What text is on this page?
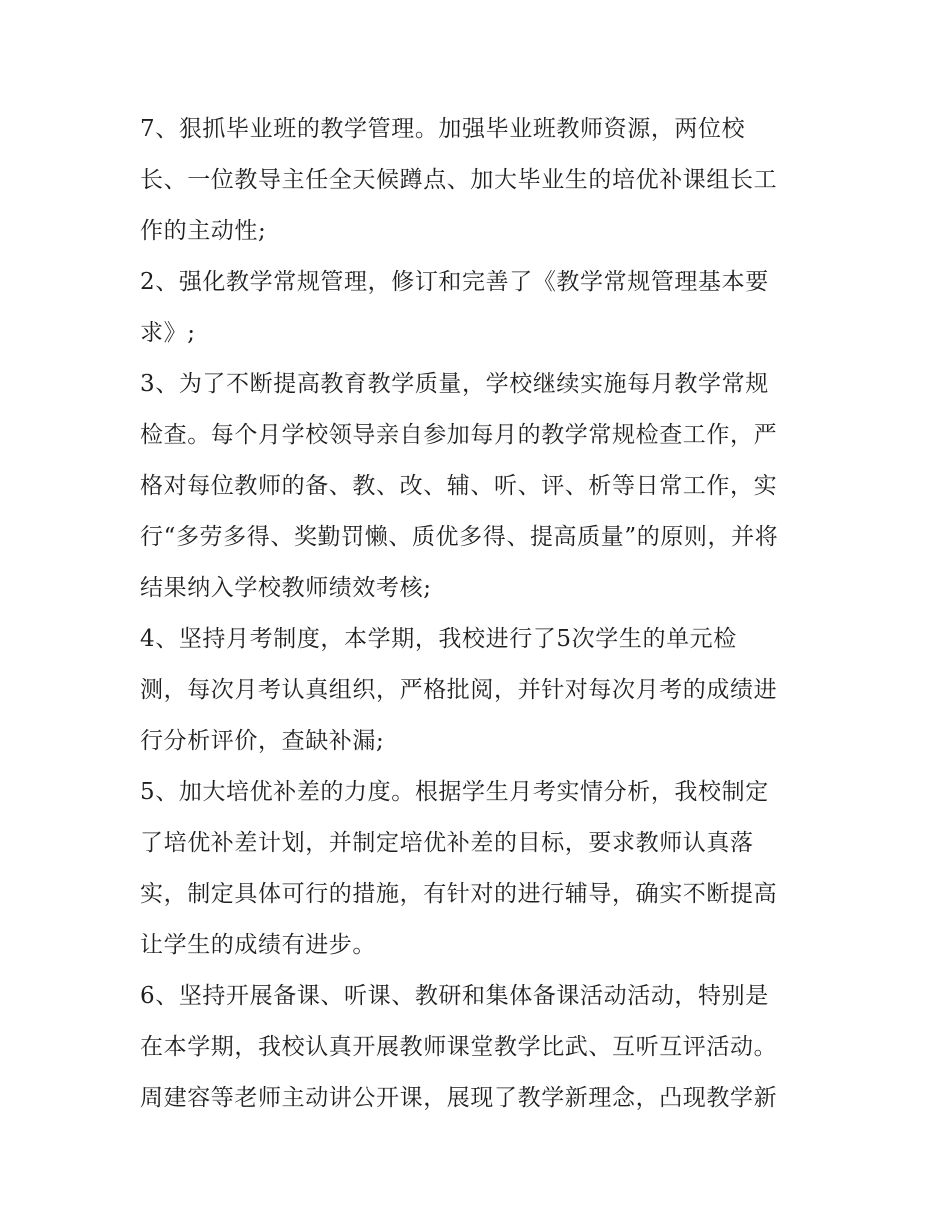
7、狠抓毕业班的教学管理。加强毕业班教师资源，两位校
长、一位教导主任全天候蹲点、加大毕业生的培优补课组长工
作的主动性;
2、强化教学常规管理，修订和完善了《教学常规管理基本要
求》;
3、为了不断提高教育教学质量，学校继续实施每月教学常规
检查。每个月学校领导亲自参加每月的教学常规检查工作，严
格对每位教师的备、教、改、辅、听、评、析等日常工作，实
行“多劳多得、奖勤罚懒、质优多得、提高质量”的原则，并将
结果纳入学校教师绩效考核;
4、坚持月考制度，本学期，我校进行了5次学生的单元检
测，每次月考认真组织，严格批阅，并针对每次月考的成绩进
行分析评价，查缺补漏;
5、加大培优补差的力度。根据学生月考实情分析，我校制定
了培优补差计划，并制定培优补差的目标，要求教师认真落
实，制定具体可行的措施，有针对的进行辅导，确实不断提高
让学生的成绩有进步。
6、坚持开展备课、听课、教研和集体备课活动活动，特别是
在本学期，我校认真开展教师课堂教学比武、互听互评活动。
周建容等老师主动讲公开课，展现了教学新理念，凸现教学新
